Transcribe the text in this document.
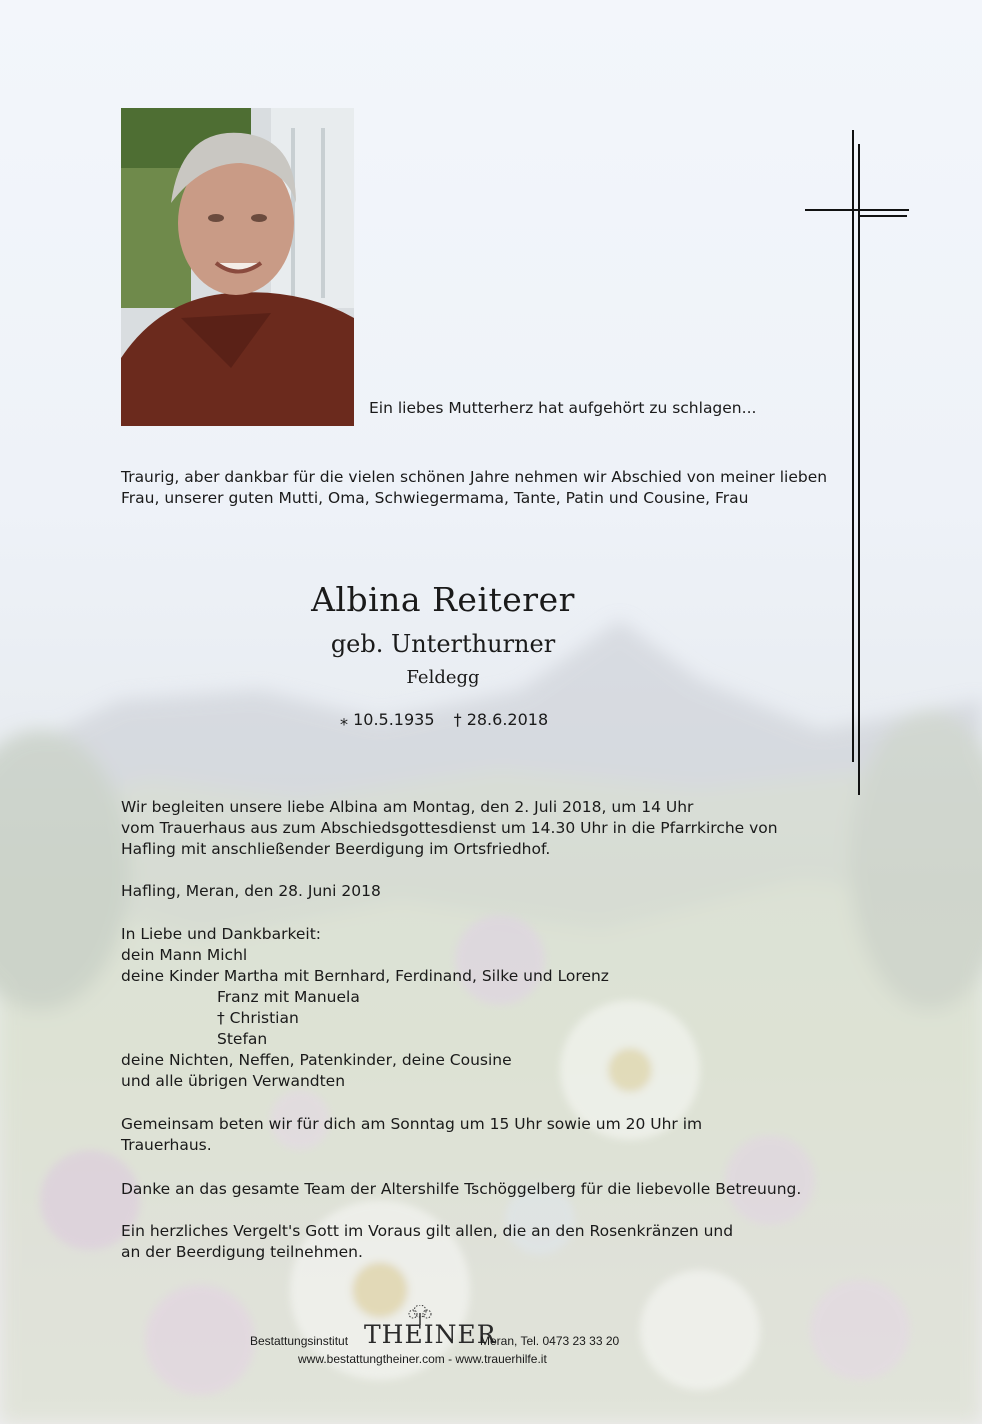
Ein liebes Mutterherz hat aufgehört zu schlagen...
Traurig, aber dankbar für die vielen schönen Jahre nehmen wir Abschied von meiner lieben
Frau, unserer guten Mutti, Oma, Schwiegermama, Tante, Patin und Cousine, Frau
Albina Reiterer
geb. Unterthurner
Feldegg
⁎ 10.5.1935 † 28.6.2018
Wir begleiten unsere liebe Albina am Montag, den 2. Juli 2018, um 14 Uhr
vom Trauerhaus aus zum Abschiedsgottesdienst um 14.30 Uhr in die Pfarrkirche von
Hafling mit anschließender Beerdigung im Ortsfriedhof.
Hafling, Meran, den 28. Juni 2018
In Liebe und Dankbarkeit:
dein Mann Michl
deine Kinder Martha mit Bernhard, Ferdinand, Silke und Lorenz
Franz mit Manuela
† Christian
Stefan
deine Nichten, Neffen, Patenkinder, deine Cousine
und alle übrigen Verwandten
Gemeinsam beten wir für dich am Sonntag um 15 Uhr sowie um 20 Uhr im
Trauerhaus.
Danke an das gesamte Team der Altershilfe Tschöggelberg für die liebevolle Betreuung.
Ein herzliches Vergelt's Gott im Voraus gilt allen, die an den Rosenkränzen und
an der Beerdigung teilnehmen.
Bestattungsinstitut THEINER
Meran, Tel. 0473 23 33 20
www.bestattungtheiner.com - www.trauerhilfe.it
